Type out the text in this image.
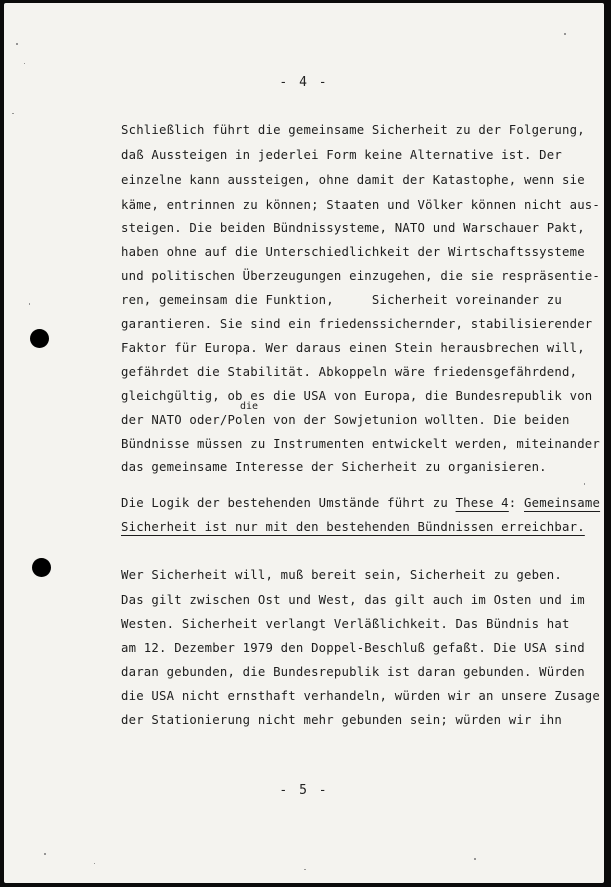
- 4 -

Schließlich führt die gemeinsame Sicherheit zu der Folgerung,

daß Aussteigen in jederlei Form keine Alternative ist. Der

einzelne kann aussteigen, ohne damit der Katastophe, wenn sie

käme, entrinnen zu können; Staaten und Völker können nicht aus-

steigen. Die beiden Bündnissysteme, NATO und Warschauer Pakt,

haben ohne auf die Unterschiedlichkeit der Wirtschaftssysteme

und politischen Überzeugungen einzugehen, die sie respräsentie-

ren, gemeinsam die Funktion,     Sicherheit voreinander zu

garantieren. Sie sind ein friedenssichernder, stabilisierender

Faktor für Europa. Wer daraus einen Stein herausbrechen will,

gefährdet die Stabilität. Abkoppeln wäre friedensgefährdend,

gleichgültig, ob es die USA von Europa, die Bundesrepublik von

die

der NATO oder/Polen von der Sowjetunion wollten. Die beiden

Bündnisse müssen zu Instrumenten entwickelt werden, miteinander

das gemeinsame Interesse der Sicherheit zu organisieren.

Die Logik der bestehenden Umstände führt zu These 4: Gemeinsame

Sicherheit ist nur mit den bestehenden Bündnissen erreichbar.

Wer Sicherheit will, muß bereit sein, Sicherheit zu geben.

Das gilt zwischen Ost und West, das gilt auch im Osten und im

Westen. Sicherheit verlangt Verläßlichkeit. Das Bündnis hat

am 12. Dezember 1979 den Doppel-Beschluß gefaßt. Die USA sind

daran gebunden, die Bundesrepublik ist daran gebunden. Würden

die USA nicht ernsthaft verhandeln, würden wir an unsere Zusage

der Stationierung nicht mehr gebunden sein; würden wir ihn

- 5 -
